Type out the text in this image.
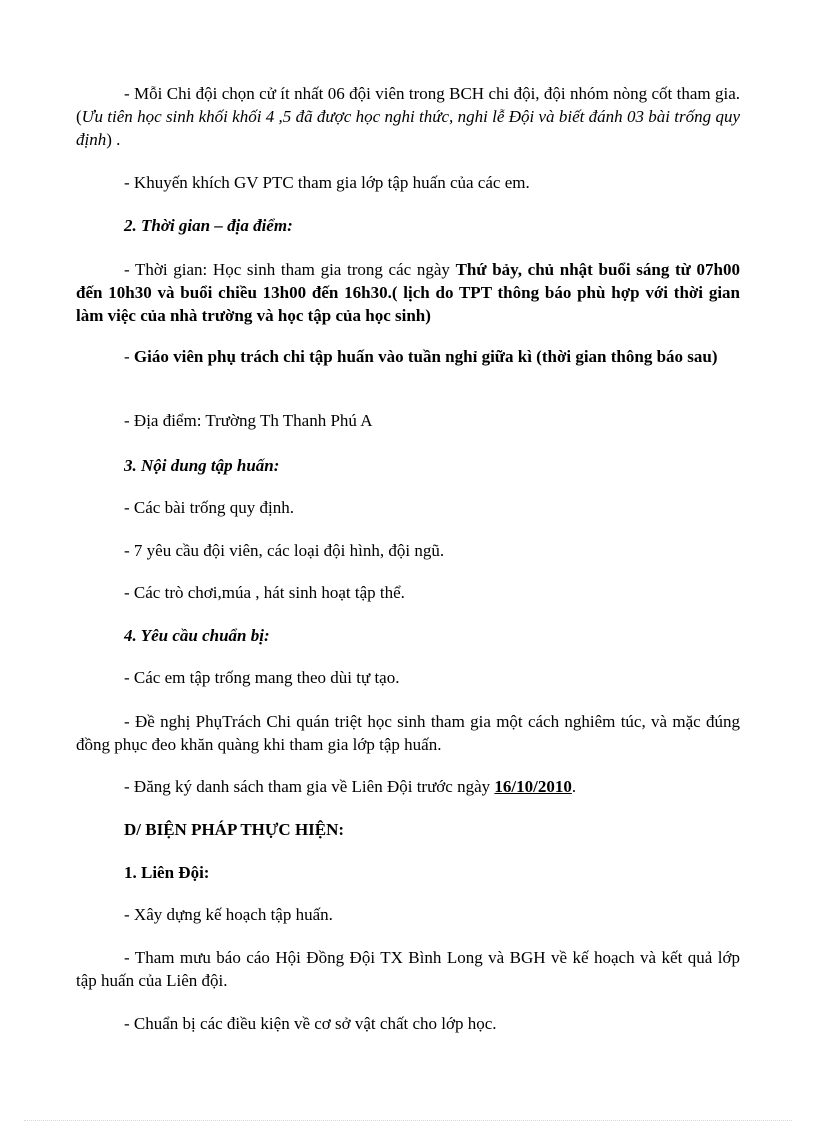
- Mỗi Chi đội chọn cử ít nhất 06 đội viên trong BCH chi đội, đội nhóm nòng cốt tham gia. (Ưu tiên học sinh khối khối 4 ,5 đã được học nghi thức, nghi lễ Đội và biết đánh 03 bài trống quy định) .

- Khuyến khích GV PTC tham gia lớp tập huấn của các em.

2. Thời gian – địa điểm:

- Thời gian: Học sinh tham gia trong các ngày Thứ bảy, chủ nhật buổi sáng từ 07h00 đến 10h30 và buổi chiều 13h00 đến 16h30.( lịch do TPT thông báo phù hợp với thời gian làm việc của nhà trường và học tập của học sinh)

- Giáo viên phụ trách chi tập huấn vào tuần nghỉ giữa kì (thời gian thông báo sau)

- Địa điểm: Trường Th Thanh Phú A

3. Nội dung tập huấn:

- Các bài trống quy định.

- 7 yêu cầu đội viên, các loại đội hình, đội ngũ.

- Các trò chơi,múa , hát sinh hoạt tập thể.

4. Yêu cầu chuẩn bị:

- Các em tập trống mang theo dùi tự tạo.

- Đề nghị PhụTrách Chi quán triệt học sinh tham gia một cách nghiêm túc, và mặc đúng đồng phục đeo khăn quàng khi tham gia lớp tập huấn.

- Đăng ký danh sách tham gia về Liên Đội trước ngày 16/10/2010.

D/ BIỆN PHÁP THỰC HIỆN:

1. Liên Đội:

- Xây dựng kế hoạch tập huấn.

- Tham mưu báo cáo Hội Đồng Đội TX Bình Long và BGH về kế hoạch và kết quả lớp tập huấn của Liên đội.

- Chuẩn bị các điều kiện về cơ sở vật chất cho lớp học.
